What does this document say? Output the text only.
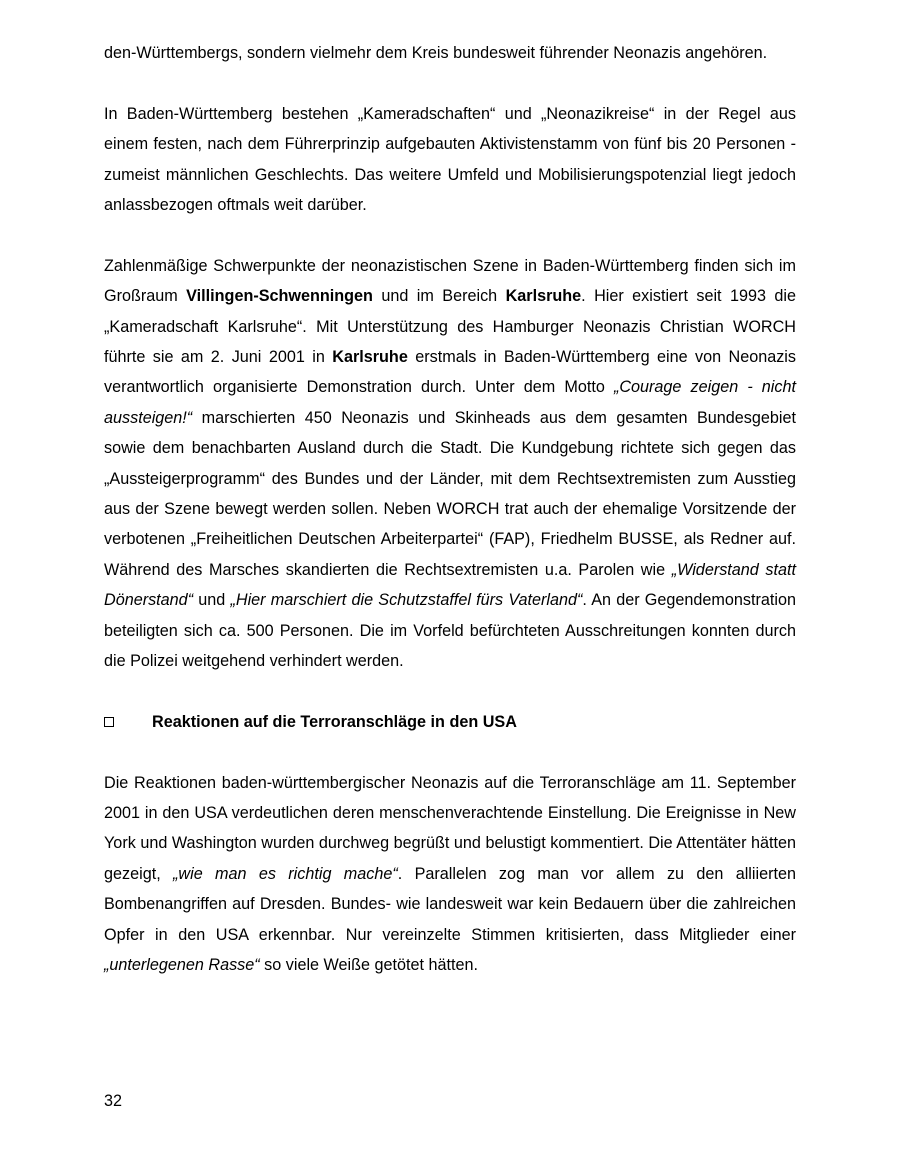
den-Württembergs, sondern vielmehr dem Kreis bundesweit führender Neonazis angehören.

In Baden-Württemberg bestehen „Kameradschaften“ und „Neonazikreise“ in der Regel aus einem festen, nach dem Führerprinzip aufgebauten Aktivistenstamm von fünf bis 20 Personen - zumeist männlichen Geschlechts. Das weitere Umfeld und Mobilisierungspotenzial liegt jedoch anlassbezogen oftmals weit darüber.

Zahlenmäßige Schwerpunkte der neonazistischen Szene in Baden-Württemberg finden sich im Großraum Villingen-Schwenningen und im Bereich Karlsruhe. Hier existiert seit 1993 die „Kameradschaft Karlsruhe“. Mit Unterstützung des Hamburger Neonazis Christian WORCH führte sie am 2. Juni 2001 in Karlsruhe erstmals in Baden-Württemberg eine von Neonazis verantwortlich organisierte Demonstration durch. Unter dem Motto „Courage zeigen - nicht aussteigen!“ marschierten 450 Neonazis und Skinheads aus dem gesamten Bundesgebiet sowie dem benachbarten Ausland durch die Stadt. Die Kundgebung richtete sich gegen das „Aussteigerprogramm“ des Bundes und der Länder, mit dem Rechtsextremisten zum Ausstieg aus der Szene bewegt werden sollen. Neben WORCH trat auch der ehemalige Vorsitzende der verbotenen „Freiheitlichen Deutschen Arbeiterpartei“ (FAP), Friedhelm BUSSE, als Redner auf. Während des Marsches skandierten die Rechtsextremisten u.a. Parolen wie „Widerstand statt Dönerstand“ und „Hier marschiert die Schutzstaffel fürs Vaterland“. An der Gegendemonstration beteiligten sich ca. 500 Personen. Die im Vorfeld befürchteten Ausschreitungen konnten durch die Polizei weitgehend verhindert werden.

Reaktionen auf die Terroranschläge in den USA

Die Reaktionen baden-württembergischer Neonazis auf die Terroranschläge am 11. September 2001 in den USA verdeutlichen deren menschenverachtende Einstellung. Die Ereignisse in New York und Washington wurden durchweg begrüßt und belustigt kommentiert. Die Attentäter hätten gezeigt, „wie man es richtig mache“. Parallelen zog man vor allem zu den alliierten Bombenangriffen auf Dresden. Bundes- wie landesweit war kein Bedauern über die zahlreichen Opfer in den USA erkennbar. Nur vereinzelte Stimmen kritisierten, dass Mitglieder einer „unterlegenen Rasse“ so viele Weiße getötet hätten.

32
